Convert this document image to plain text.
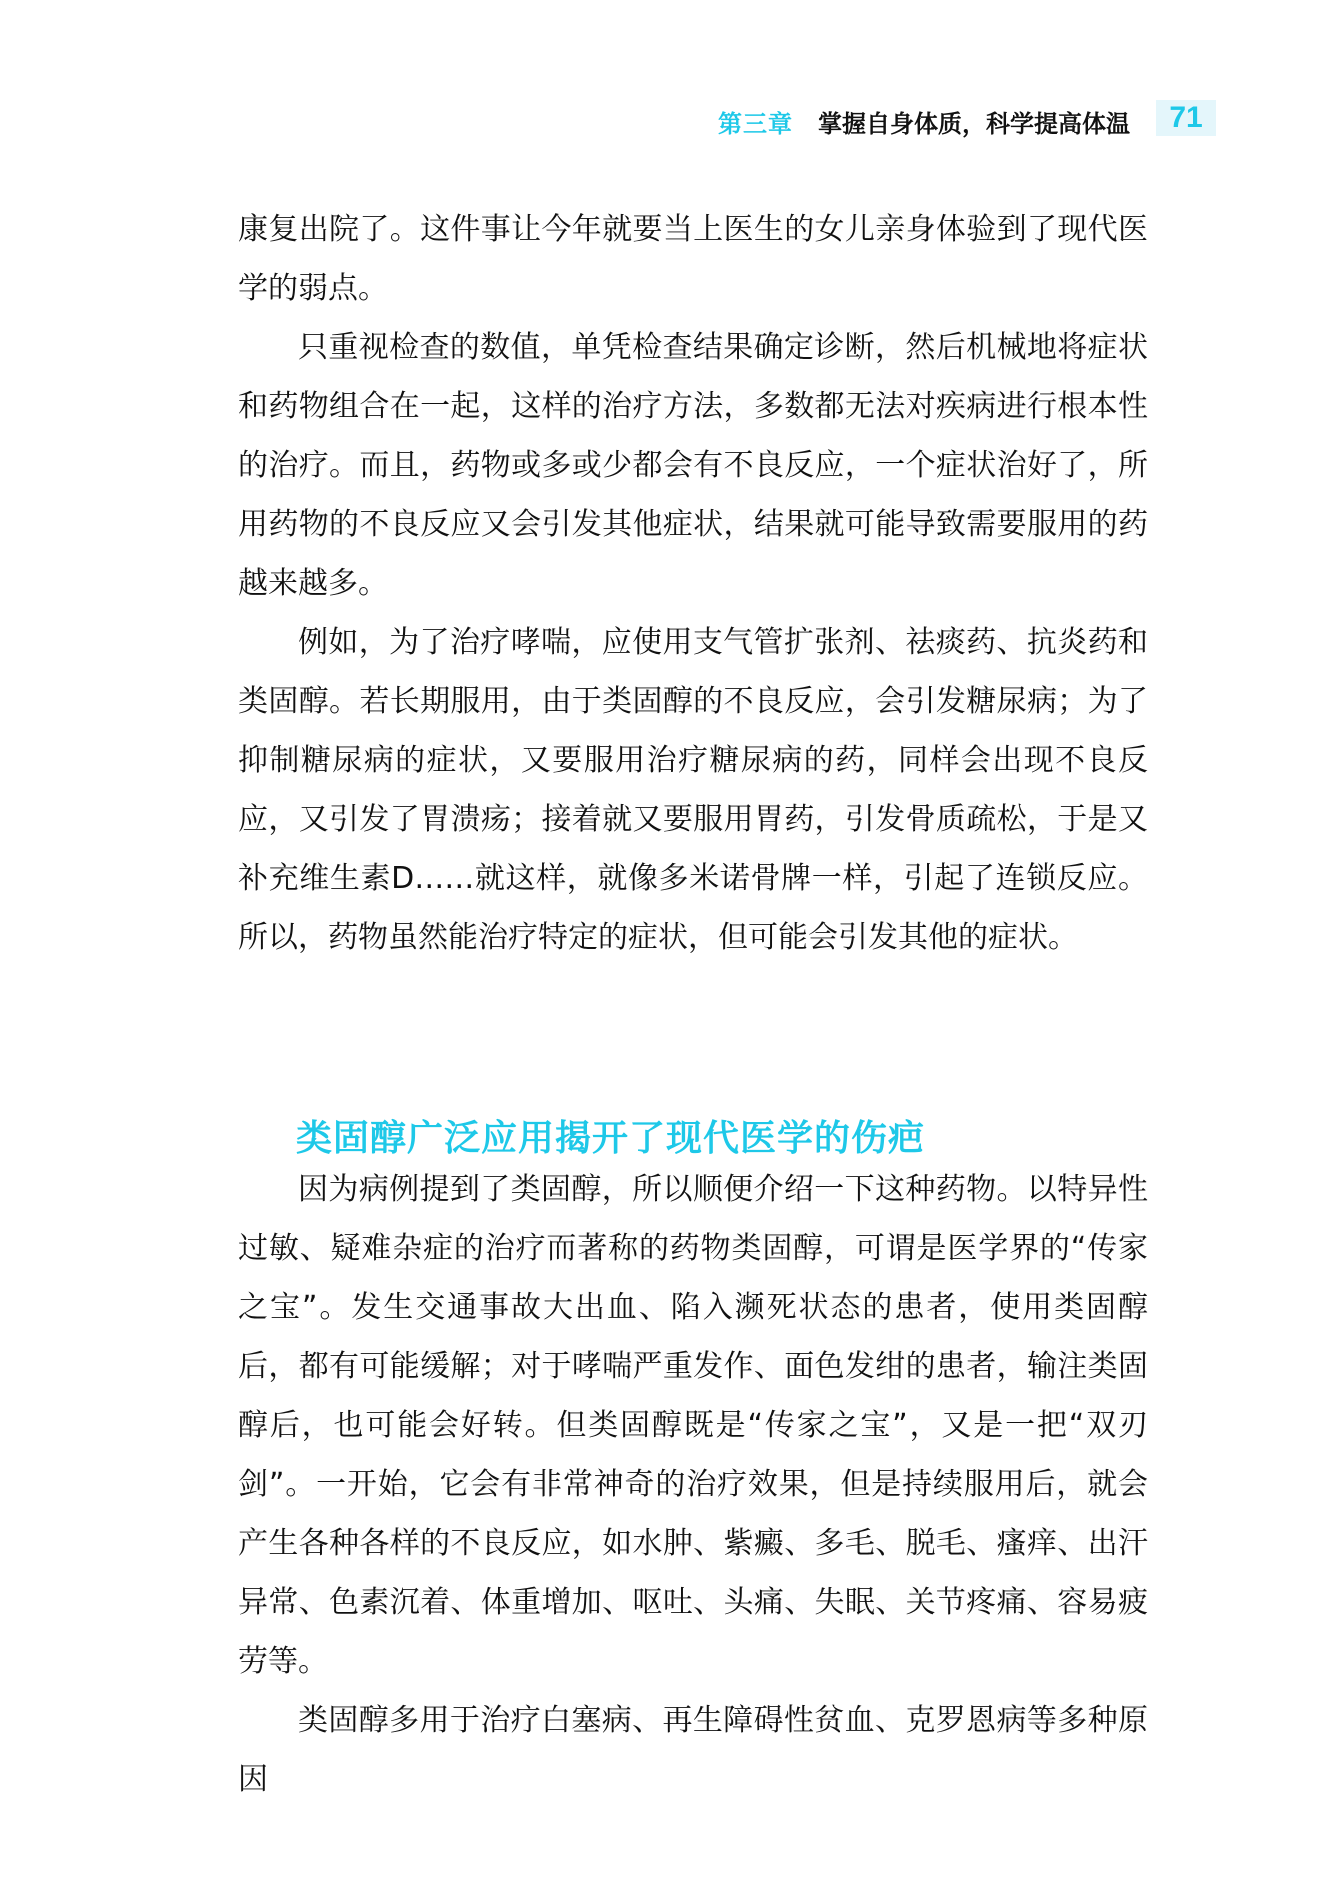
第三章 掌握自身体质，科学提高体温	71

康复出院了。这件事让今年就要当上医生的女儿亲身体验到了现代医学的弱点。

只重视检查的数值，单凭检查结果确定诊断，然后机械地将症状和药物组合在一起，这样的治疗方法，多数都无法对疾病进行根本性的治疗。而且，药物或多或少都会有不良反应，一个症状治好了，所用药物的不良反应又会引发其他症状，结果就可能导致需要服用的药越来越多。

例如，为了治疗哮喘，应使用支气管扩张剂、祛痰药、抗炎药和类固醇。若长期服用，由于类固醇的不良反应，会引发糖尿病；为了抑制糖尿病的症状，又要服用治疗糖尿病的药，同样会出现不良反应，又引发了胃溃疡；接着就又要服用胃药，引发骨质疏松，于是又补充维生素D……就这样，就像多米诺骨牌一样，引起了连锁反应。所以，药物虽然能治疗特定的症状，但可能会引发其他的症状。

类固醇广泛应用揭开了现代医学的伤疤

因为病例提到了类固醇，所以顺便介绍一下这种药物。以特异性过敏、疑难杂症的治疗而著称的药物类固醇，可谓是医学界的“传家之宝”。发生交通事故大出血、陷入濒死状态的患者，使用类固醇后，都有可能缓解；对于哮喘严重发作、面色发绀的患者，输注类固醇后，也可能会好转。但类固醇既是“传家之宝”，又是一把“双刃剑”。一开始，它会有非常神奇的治疗效果，但是持续服用后，就会产生各种各样的不良反应，如水肿、紫癜、多毛、脱毛、瘙痒、出汗异常、色素沉着、体重增加、呕吐、头痛、失眠、关节疼痛、容易疲劳等。

类固醇多用于治疗白塞病、再生障碍性贫血、克罗恩病等多种原因
